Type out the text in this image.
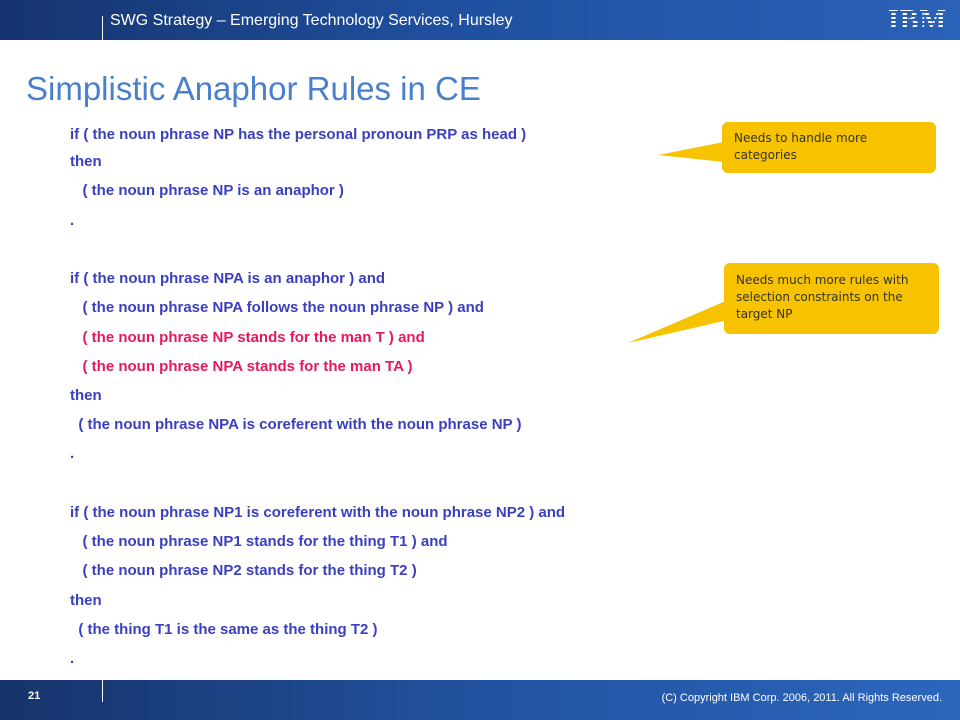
SWG Strategy – Emerging Technology Services, Hursley	IBM
Simplistic Anaphor Rules in CE
Needs to handle more categories
Needs much more rules with selection constraints on the target NP
if ( the noun phrase NP has the personal pronoun PRP as head )
then
( the noun phrase NP is an anaphor )
.
if ( the noun phrase NPA is an anaphor ) and
( the noun phrase NPA follows the noun phrase NP ) and
( the noun phrase NP stands for the man T ) and
( the noun phrase NPA stands for the man TA )
then
( the noun phrase NPA is coreferent with the noun phrase NP )
.
if ( the noun phrase NP1 is coreferent with the noun phrase NP2 ) and
( the noun phrase NP1 stands for the thing T1 ) and
( the noun phrase NP2 stands for the thing T2 )
then
( the thing T1 is the same as the thing T2 )
.
21	(C) Copyright IBM Corp. 2006, 2011. All Rights Reserved.
